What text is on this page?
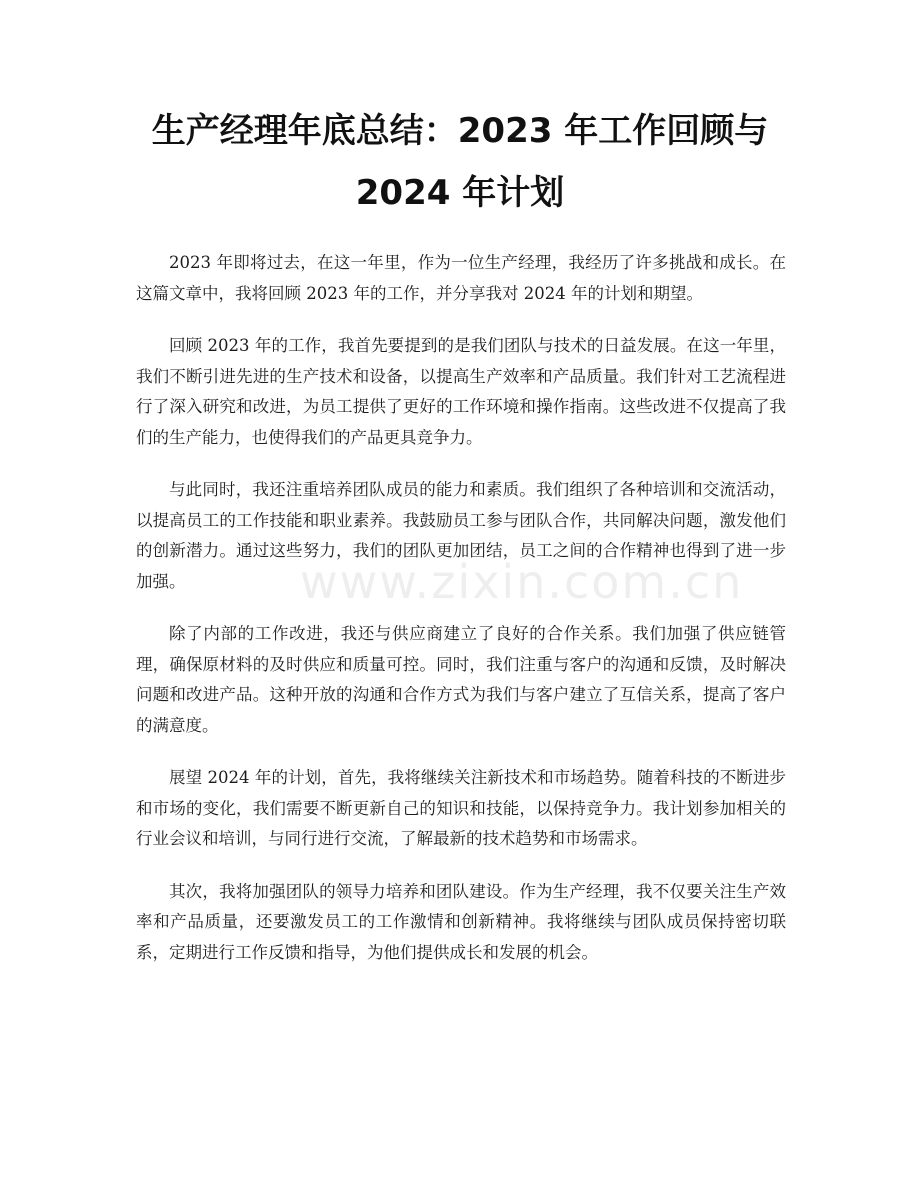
生产经理年底总结：2023 年工作回顾与 2024 年计划

2023 年即将过去，在这一年里，作为一位生产经理，我经历了许多挑战和成长。在这篇文章中，我将回顾 2023 年的工作，并分享我对 2024 年的计划和期望。

回顾 2023 年的工作，我首先要提到的是我们团队与技术的日益发展。在这一年里，我们不断引进先进的生产技术和设备，以提高生产效率和产品质量。我们针对工艺流程进行了深入研究和改进，为员工提供了更好的工作环境和操作指南。这些改进不仅提高了我们的生产能力，也使得我们的产品更具竞争力。

与此同时，我还注重培养团队成员的能力和素质。我们组织了各种培训和交流活动，以提高员工的工作技能和职业素养。我鼓励员工参与团队合作，共同解决问题，激发他们的创新潜力。通过这些努力，我们的团队更加团结，员工之间的合作精神也得到了进一步加强。

除了内部的工作改进，我还与供应商建立了良好的合作关系。我们加强了供应链管理，确保原材料的及时供应和质量可控。同时，我们注重与客户的沟通和反馈，及时解决问题和改进产品。这种开放的沟通和合作方式为我们与客户建立了互信关系，提高了客户的满意度。

展望 2024 年的计划，首先，我将继续关注新技术和市场趋势。随着科技的不断进步和市场的变化，我们需要不断更新自己的知识和技能，以保持竞争力。我计划参加相关的行业会议和培训，与同行进行交流，了解最新的技术趋势和市场需求。

其次，我将加强团队的领导力培养和团队建设。作为生产经理，我不仅要关注生产效率和产品质量，还要激发员工的工作激情和创新精神。我将继续与团队成员保持密切联系，定期进行工作反馈和指导，为他们提供成长和发展的机会。

www.zixin.com.cn
